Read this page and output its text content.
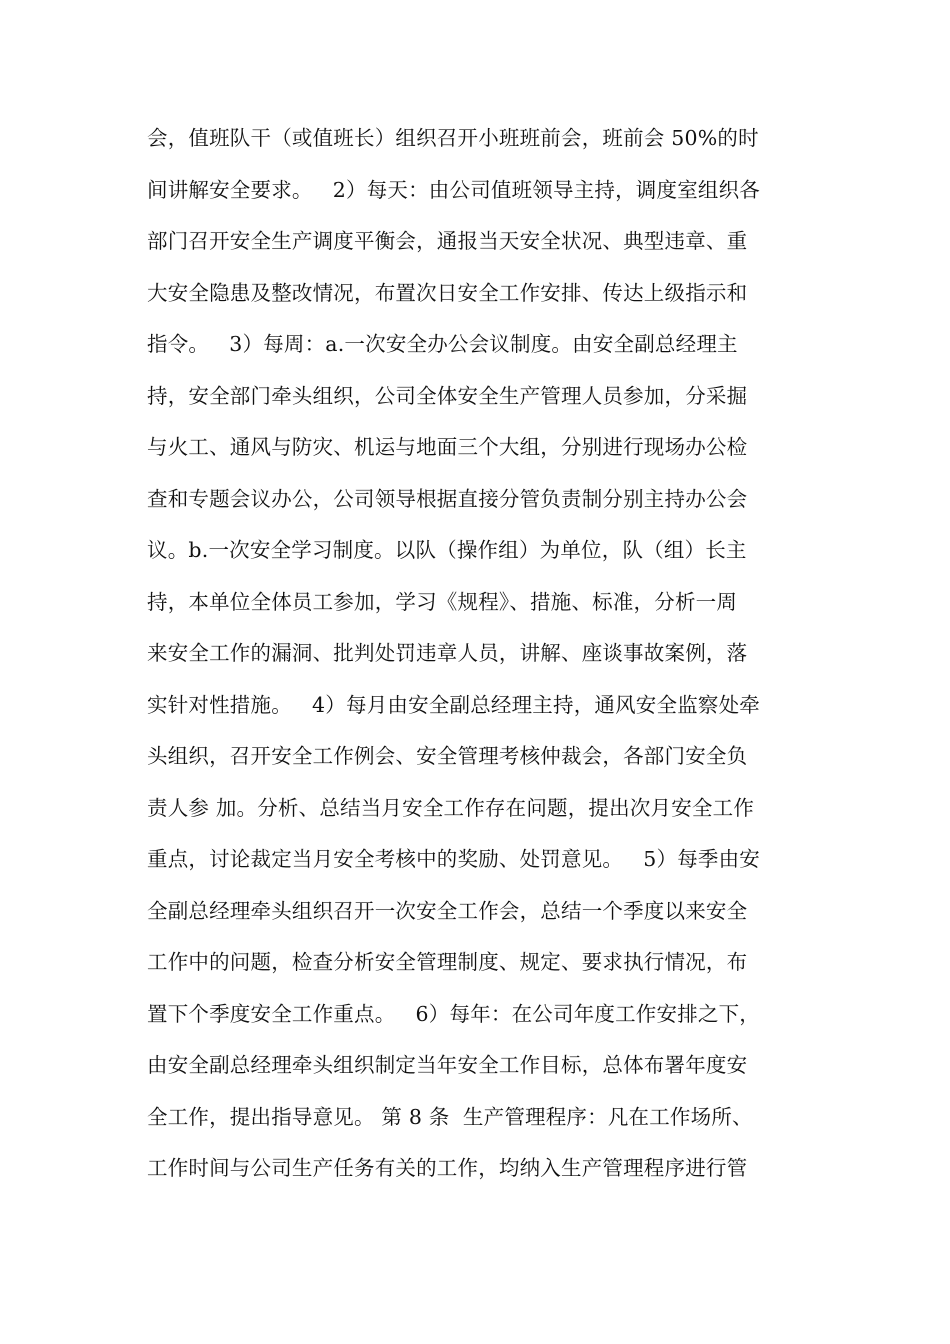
会，值班队干（或值班长）组织召开小班班前会，班前会 50%的时
间讲解安全要求。   2）每天：由公司值班领导主持，调度室组织各
部门召开安全生产调度平衡会，通报当天安全状况、典型违章、重
大安全隐患及整改情况，布置次日安全工作安排、传达上级指示和
指令。   3）每周：a.一次安全办公会议制度。由安全副总经理主
持，安全部门牵头组织，公司全体安全生产管理人员参加，分采掘
与火工、通风与防灾、机运与地面三个大组，分别进行现场办公检
查和专题会议办公，公司领导根据直接分管负责制分别主持办公会
议。b.一次安全学习制度。以队（操作组）为单位，队（组）长主
持，本单位全体员工参加，学习《规程》、措施、标准，分析一周
来安全工作的漏洞、批判处罚违章人员，讲解、座谈事故案例，落
实针对性措施。   4）每月由安全副总经理主持，通风安全监察处牵
头组织，召开安全工作例会、安全管理考核仲裁会，各部门安全负
责人参 加。分析、总结当月安全工作存在问题，提出次月安全工作
重点，讨论裁定当月安全考核中的奖励、处罚意见。   5）每季由安
全副总经理牵头组织召开一次安全工作会，总结一个季度以来安全
工作中的问题，检查分析安全管理制度、规定、要求执行情况，布
置下个季度安全工作重点。   6）每年：在公司年度工作安排之下，
由安全副总经理牵头组织制定当年安全工作目标，总体布署年度安
全工作，提出指导意见。 第 8 条  生产管理程序：凡在工作场所、
工作时间与公司生产任务有关的工作，均纳入生产管理程序进行管
